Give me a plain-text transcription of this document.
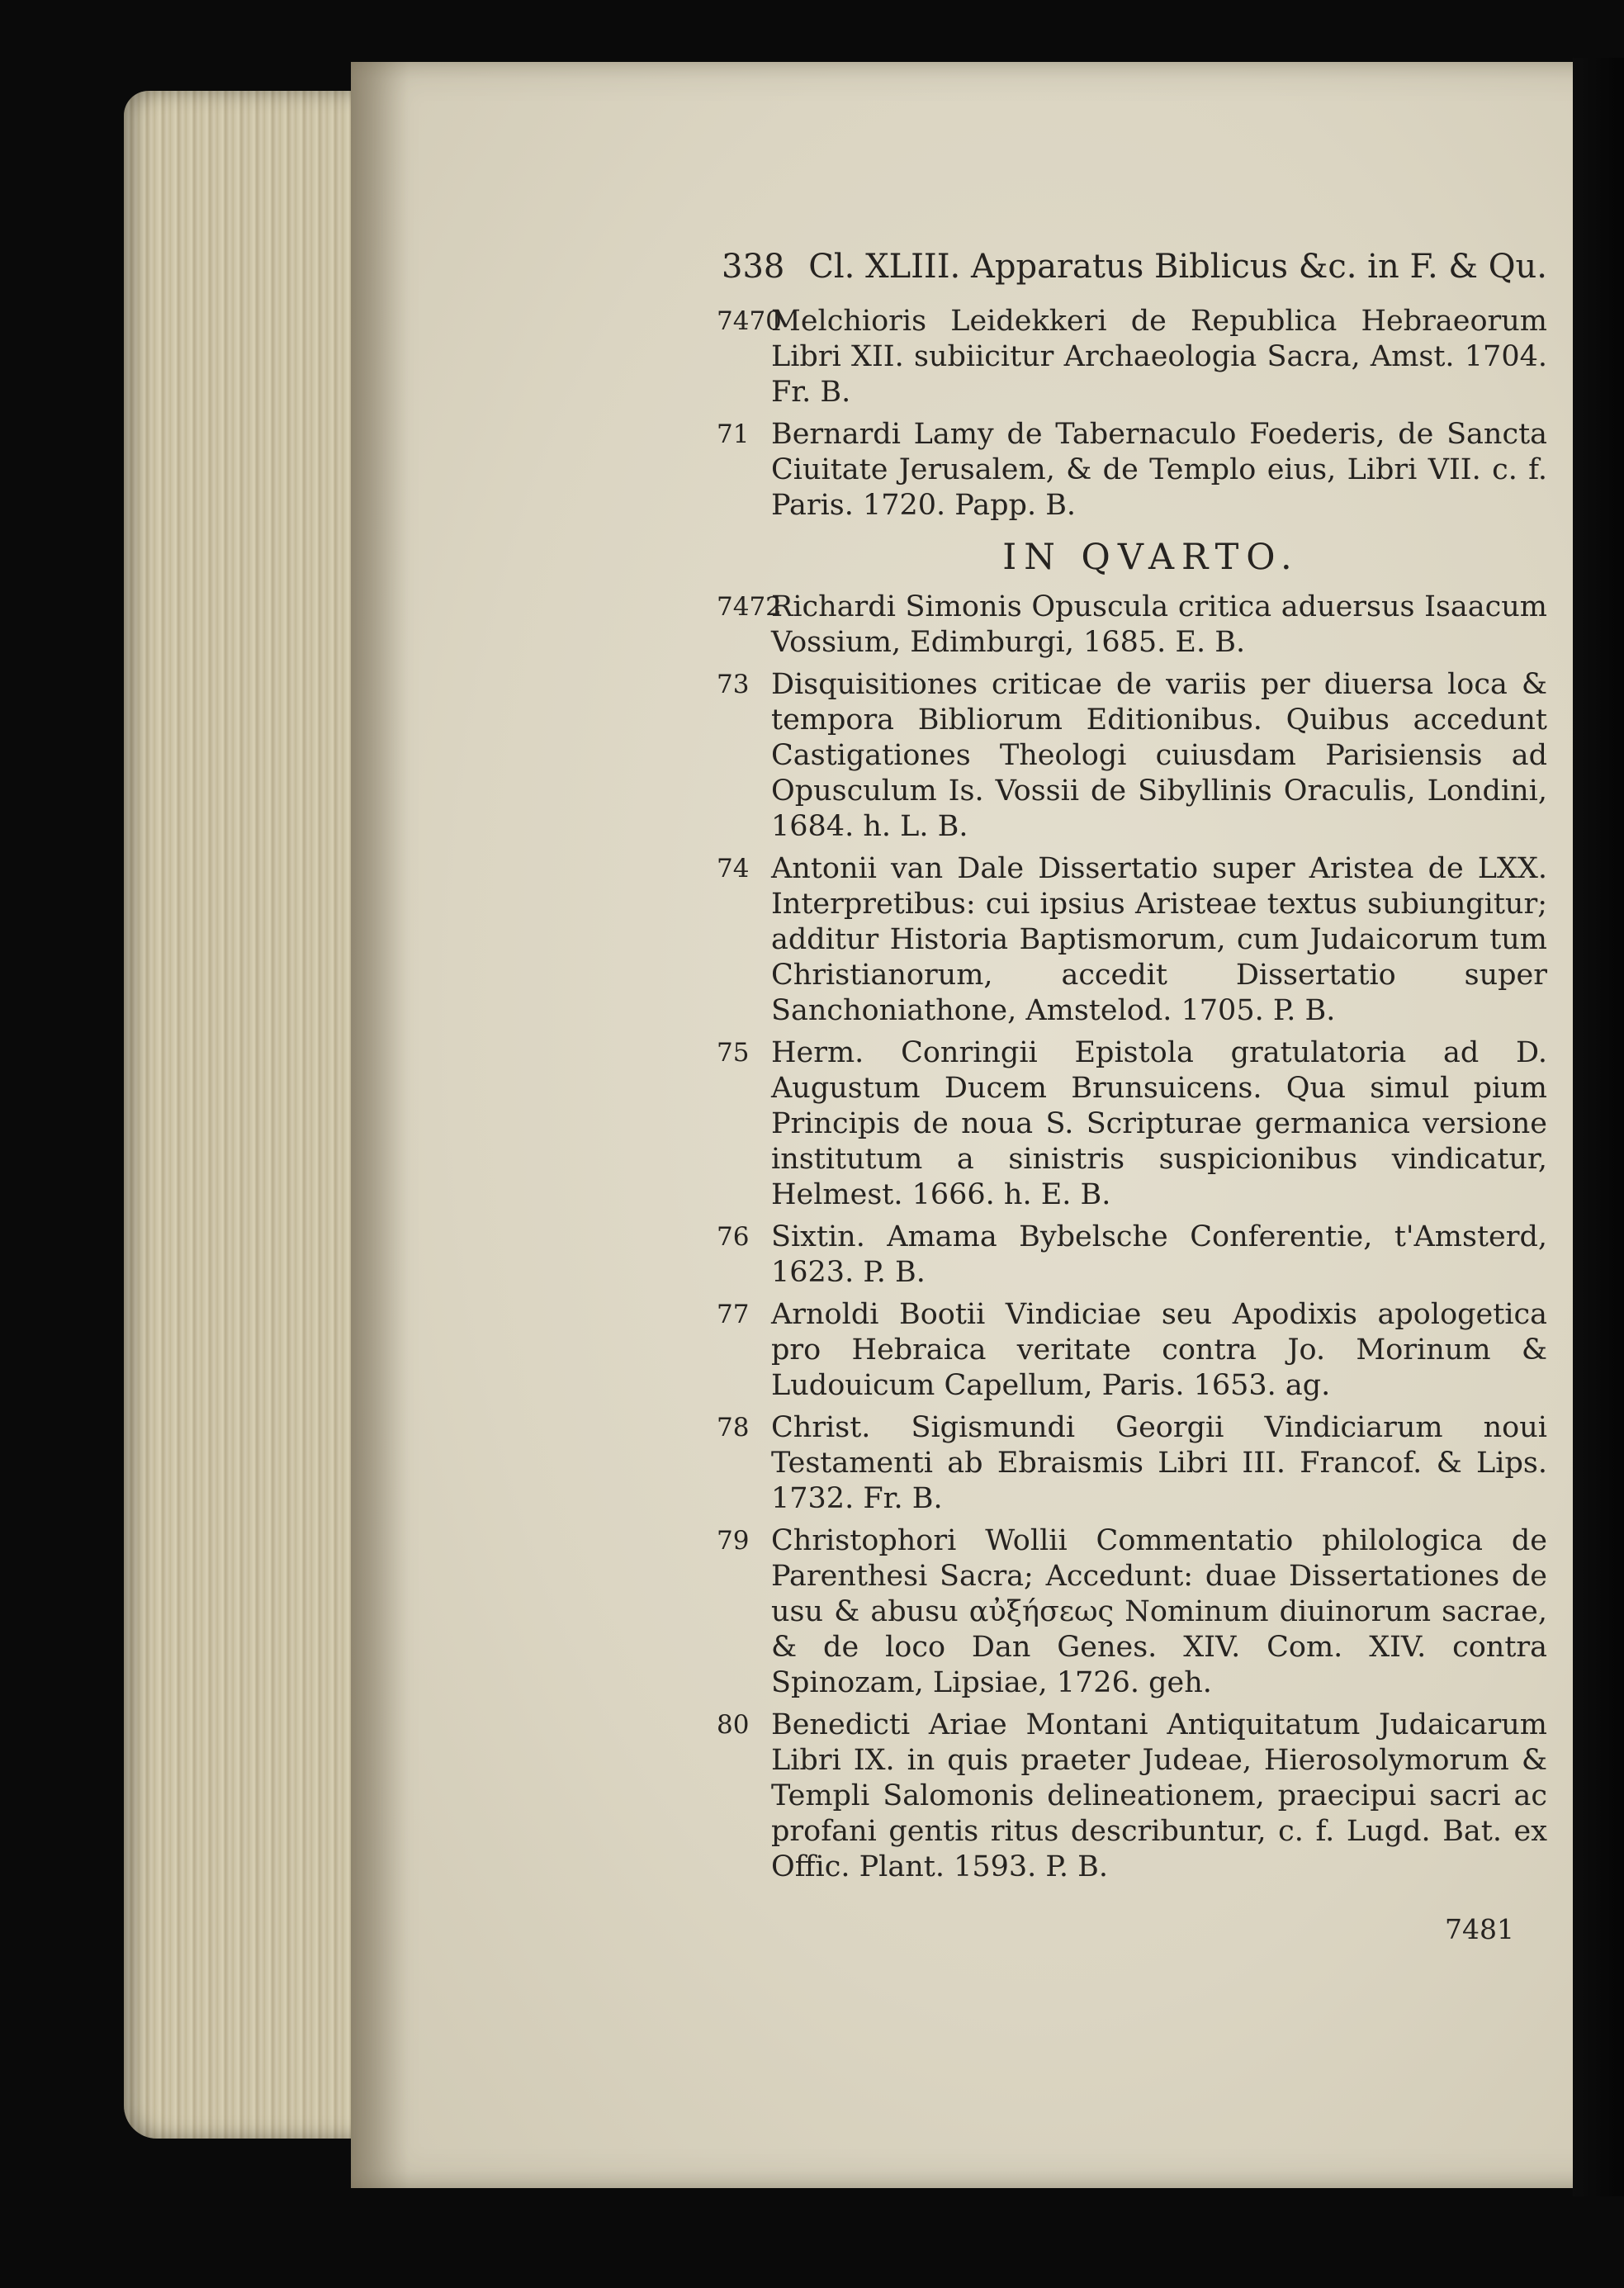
338 Cl. XLIII. Apparatus Biblicus &c. in F. & Qu.
7470
Melchioris Leidekkeri de Republica Hebraeorum Libri XII. subiicitur Archaeologia Sacra, Amst. 1704. Fr. B.
71 Bernardi Lamy de Tabernaculo Foederis, de Sancta Ciuitate Jerusalem, & de Templo eius, Libri VII. c. f. Paris. 1720. Papp. B.
IN QVARTO.
7472
Richardi Simonis Opuscula critica aduersus Isaacum Vossium, Edimburgi, 1685. E. B.
73 Disquisitiones criticae de variis per diuersa loca & tempora Bibliorum Editionibus. Quibus accedunt Castigationes Theologi cuiusdam Parisiensis ad Opusculum Is. Vossii de Sibyllinis Oraculis, Londini, 1684. h. L. B.
74 Antonii van Dale Dissertatio super Aristea de LXX. Interpretibus: cui ipsius Aristeae textus subiungitur; additur Historia Baptismorum, cum Judaicorum tum Christianorum, accedit Dissertatio super Sanchoniathone, Amstelod. 1705. P. B.
75 Herm. Conringii Epistola gratulatoria ad D. Augustum Ducem Brunsuicens. Qua simul pium Principis de noua S. Scripturae germanica versione institutum a sinistris suspicionibus vindicatur, Helmest. 1666. h. E. B.
76 Sixtin. Amama Bybelsche Conferentie, t'Amsterd, 1623. P. B.
77 Arnoldi Bootii Vindiciae seu Apodixis apologetica pro Hebraica veritate contra Jo. Morinum & Ludouicum Capellum, Paris. 1653. ag.
78 Christ. Sigismundi Georgii Vindiciarum noui Testamenti ab Ebraismis Libri III. Francof. & Lips. 1732. Fr. B.
79 Christophori Wollii Commentatio philologica de Parenthesi Sacra; Accedunt: duae Dissertationes de usu & abusu αὐξήσεως Nominum diuinorum sacrae, & de loco Dan Genes. XIV. Com. XIV. contra Spinozam, Lipsiae, 1726. geh.
80 Benedicti Ariae Montani Antiquitatum Judaicarum Libri IX. in quis praeter Judeae, Hierosolymorum & Templi Salomonis delineationem, praecipui sacri ac profani gentis ritus describuntur, c. f. Lugd. Bat. ex Offic. Plant. 1593. P. B.
7481
